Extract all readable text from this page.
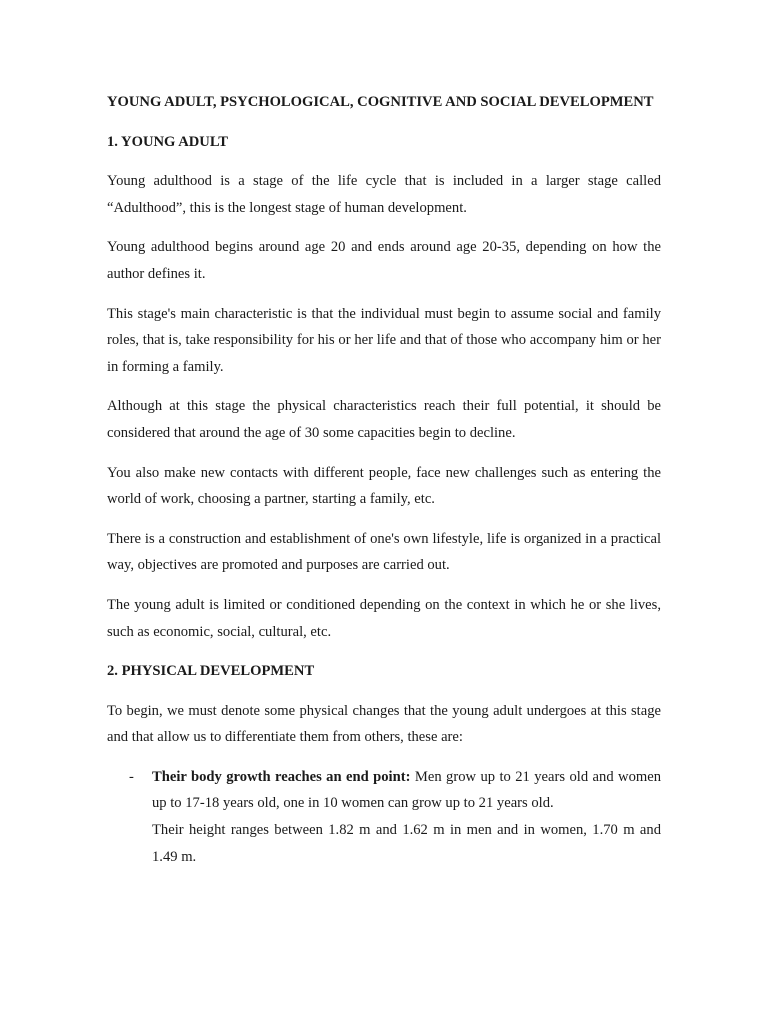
YOUNG ADULT, PSYCHOLOGICAL, COGNITIVE AND SOCIAL DEVELOPMENT
1. YOUNG ADULT

Young adulthood is a stage of the life cycle that is included in a larger stage called “Adulthood”, this is the longest stage of human development.

Young adulthood begins around age 20 and ends around age 20-35, depending on how the author defines it.

This stage's main characteristic is that the individual must begin to assume social and family roles, that is, take responsibility for his or her life and that of those who accompany him or her in forming a family.

Although at this stage the physical characteristics reach their full potential, it should be considered that around the age of 30 some capacities begin to decline.

You also make new contacts with different people, face new challenges such as entering the world of work, choosing a partner, starting a family, etc.

There is a construction and establishment of one's own lifestyle, life is organized in a practical way, objectives are promoted and purposes are carried out.

The young adult is limited or conditioned depending on the context in which he or she lives, such as economic, social, cultural, etc.

2. PHYSICAL DEVELOPMENT

To begin, we must denote some physical changes that the young adult undergoes at this stage and that allow us to differentiate them from others, these are:

- Their body growth reaches an end point: Men grow up to 21 years old and women up to 17-18 years old, one in 10 women can grow up to 21 years old.

Their height ranges between 1.82 m and 1.62 m in men and in women, 1.70 m and 1.49 m.
